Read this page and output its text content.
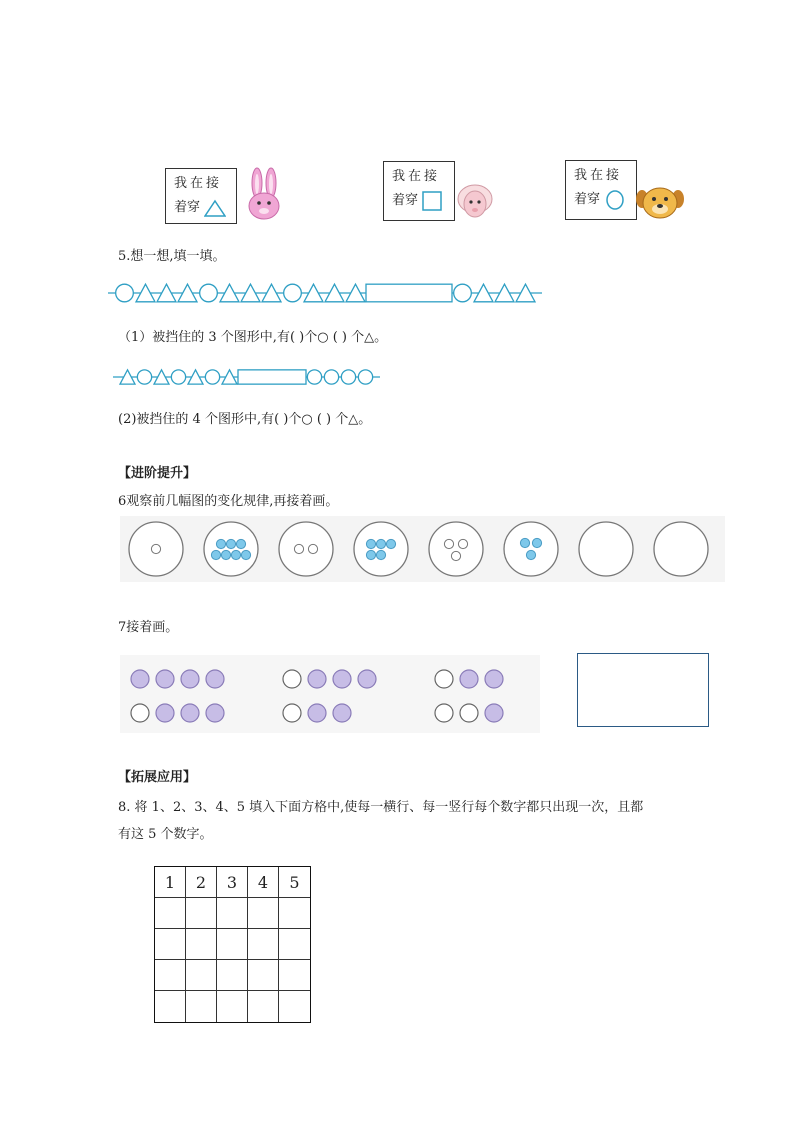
我在接
着穿
我在接
着穿
我在接
着穿
5.想一想,填一填。
（1）被挡住的 3 个图形中,有( )个○ ( ) 个△。
(2)被挡住的 4 个图形中,有( )个○ ( ) 个△。
【进阶提升】
6观察前几幅图的变化规律,再接着画。
7接着画。
【拓展应用】
8. 将 1、2、3、4、5 填入下面方格中,使每一横行、每一竖行每个数字都只出现一次，且都
有这 5 个数字。
1	2	3	4	5
